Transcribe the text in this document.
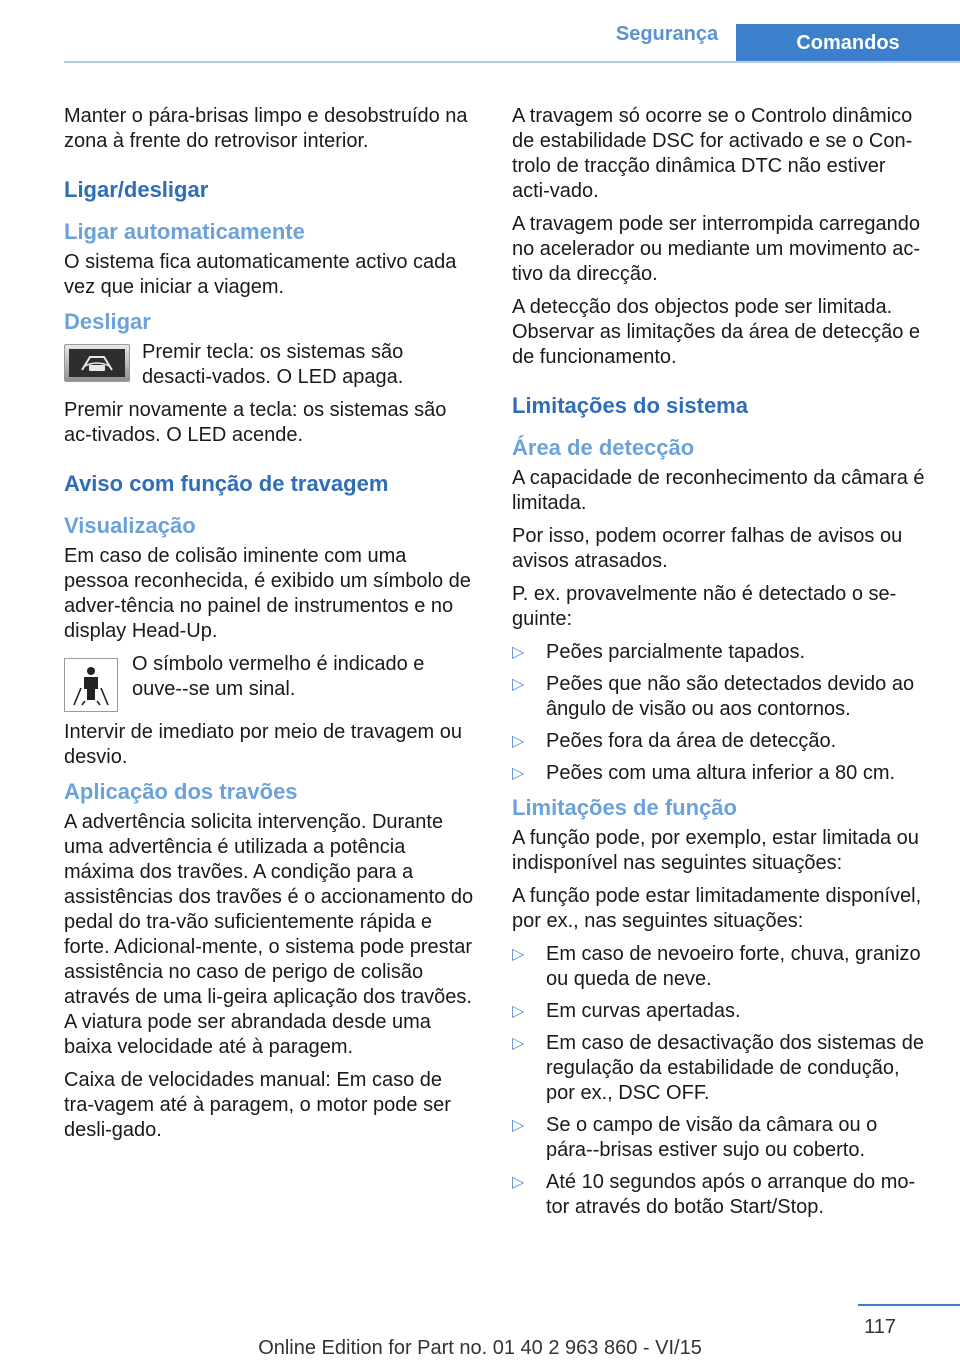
Segurança	Comandos

Manter o pára-brisas limpo e desobstruído na zona à frente do retrovisor interior.

Ligar/desligar
Ligar automaticamente

O sistema fica automaticamente activo cada vez que iniciar a viagem.

Desligar

Premir tecla: os sistemas são desacti-vados. O LED apaga.

Premir novamente a tecla: os sistemas são ac-tivados. O LED acende.

Aviso com função de travagem
Visualização

Em caso de colisão iminente com uma pessoa reconhecida, é exibido um símbolo de adver-tência no painel de instrumentos e no display Head-Up.

O símbolo vermelho é indicado e ouve--se um sinal.

Intervir de imediato por meio de travagem ou desvio.

Aplicação dos travões

A advertência solicita intervenção. Durante uma advertência é utilizada a potência máxima dos travões. A condição para a assistências dos travões é o accionamento do pedal do tra-vão suficientemente rápida e forte. Adicional-mente, o sistema pode prestar assistência no caso de perigo de colisão através de uma li-geira aplicação dos travões. A viatura pode ser abrandada desde uma baixa velocidade até à paragem.

Caixa de velocidades manual: Em caso de tra-vagem até à paragem, o motor pode ser desli-gado.

A travagem só ocorre se o Controlo dinâmico de estabilidade DSC for activado e se o Con-trolo de tracção dinâmica DTC não estiver acti-vado.

A travagem pode ser interrompida carregando no acelerador ou mediante um movimento ac-tivo da direcção.

A detecção dos objectos pode ser limitada. Observar as limitações da área de detecção e de funcionamento.

Limitações do sistema
Área de detecção

A capacidade de reconhecimento da câmara é limitada.

Por isso, podem ocorrer falhas de avisos ou avisos atrasados.

P. ex. provavelmente não é detectado o se-guinte:

▷	Peões parcialmente tapados.
▷	Peões que não são detectados devido ao ângulo de visão ou aos contornos.
▷	Peões fora da área de detecção.
▷	Peões com uma altura inferior a 80 cm.
Limitações de função

A função pode, por exemplo, estar limitada ou indisponível nas seguintes situações:

A função pode estar limitadamente disponível, por ex., nas seguintes situações:

▷	Em caso de nevoeiro forte, chuva, granizo ou queda de neve.
▷	Em curvas apertadas.
▷	Em caso de desactivação dos sistemas de regulação da estabilidade de condução, por ex., DSC OFF.
▷	Se o campo de visão da câmara ou o pára--brisas estiver sujo ou coberto.
▷	Até 10 segundos após o arranque do mo-tor através do botão Start/Stop.
117
Online Edition for Part no. 01 40 2 963 860 - VI/15
